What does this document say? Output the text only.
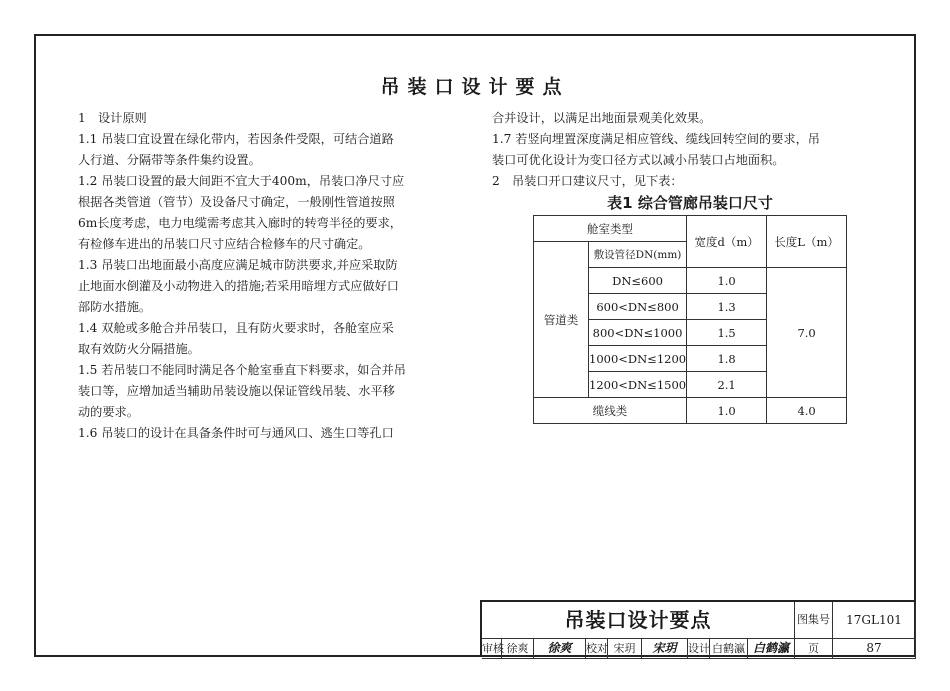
吊装口设计要点

1　设计原则

1.1 吊装口宜设置在绿化带内，若因条件受限，可结合道路

人行道、分隔带等条件集约设置。

1.2 吊装口设置的最大间距不宜大于400m，吊装口净尺寸应

根据各类管道（管节）及设备尺寸确定，一般刚性管道按照

6m长度考虑，电力电缆需考虑其入廊时的转弯半径的要求，

有检修车进出的吊装口尺寸应结合检修车的尺寸确定。

1.3 吊装口出地面最小高度应满足城市防洪要求,并应采取防

止地面水倒灌及小动物进入的措施;若采用暗埋方式应做好口

部防水措施。

1.4 双舱或多舱合并吊装口，且有防火要求时，各舱室应采

取有效防火分隔措施。

1.5 若吊装口不能同时满足各个舱室垂直下料要求，如合并吊

装口等，应增加适当辅助吊装设施以保证管线吊装、水平移

动的要求。

1.6 吊装口的设计在具备条件时可与通风口、逃生口等孔口

合并设计，以满足出地面景观美化效果。

1.7 若竖向埋置深度满足相应管线、缆线回转空间的要求，吊

装口可优化设计为变口径方式以减小吊装口占地面积。

2　吊装口开口建议尺寸，见下表：

表1 综合管廊吊装口尺寸
舱室类型		宽度d（m）	长度L（m）
管道类	敷设管径DN(mm)		
	DN≤600	1.0	7.0
	600<DN≤800	1.3	
	800<DN≤1000	1.5	
	1000<DN≤1200	1.8	
	1200<DN≤1500	2.1	
缆线类		1.0	4.0
吊装口设计要点	图集号	17GL101
审核 徐爽	徐爽	校对 宋玥	宋玥	设计 白鹤瀛 白鹤瀛	页	87
